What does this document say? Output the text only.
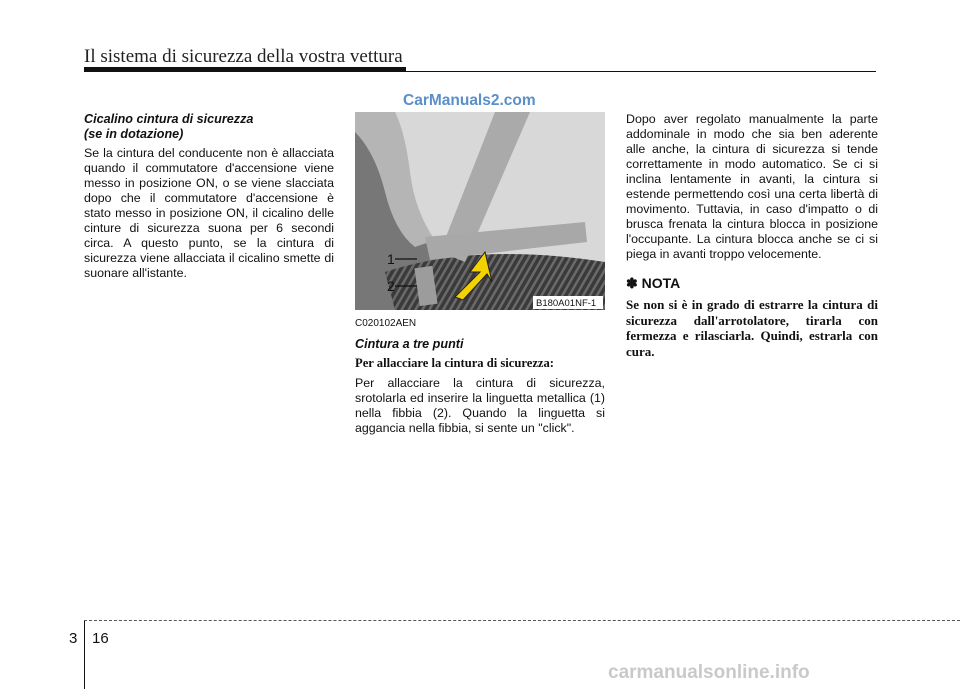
Il sistema di sicurezza della vostra vettura
Cicalino cintura di sicurezza
(se in dotazione)

Se la cintura del conducente non è allacciata quando il commutatore d'accensione viene messo in posizione ON, o se viene slacciata dopo che il commutatore d'accensione è stato messo in posizione ON, il cicalino delle cinture di sicurezza suona per 6 secondi circa. A questo punto, se la cintura di sicurezza viene allacciata il cicalino smette di suonare all'istante.

1
2
B180A01NF-1
C020102AEN
Cintura a tre punti
Per allacciare la cintura di sicurezza:

Per allacciare la cintura di sicurezza, srotolarla ed inserire la linguetta metallica (1) nella fibbia (2). Quando la linguetta si aggancia nella fibbia, si sente un "click".

Dopo aver regolato manualmente la parte addominale in modo che sia ben aderente alle anche, la cintura di sicurezza si tende correttamente in modo automatico. Se ci si inclina lentamente in avanti, la cintura si estende permettendo così una certa libertà di movimento. Tuttavia, in caso d'impatto o di brusca frenata la cintura blocca in posizione l'occupante. La cintura blocca anche se ci si piega in avanti troppo velocemente.

✽ NOTA
Se non si è in grado di estrarre la cintura di sicurezza dall'arrotolatore, tirarla con fermezza e rilasciarla. Quindi, estrarla con cura.
CarManuals2.com
3 16
carmanualsonline.info
